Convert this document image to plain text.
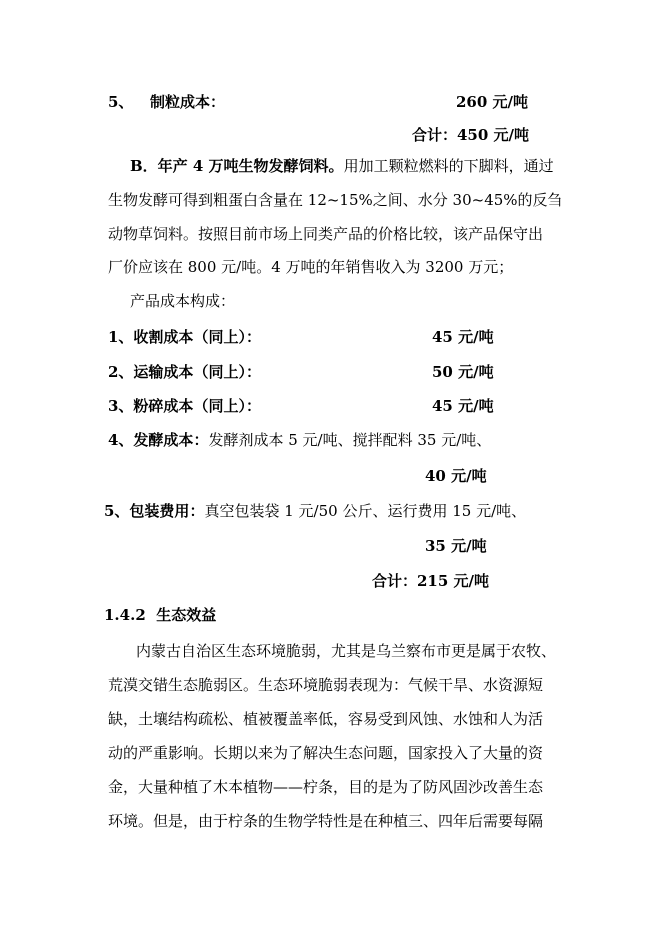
5、 制粒成本：	260 元/吨
合计：450 元/吨
B．年产 4 万吨生物发酵饲料。用加工颗粒燃料的下脚料，通过
生物发酵可得到粗蛋白含量在 12~15%之间、水分 30~45%的反刍
动物草饲料。按照目前市场上同类产品的价格比较，该产品保守出
厂价应该在 800 元/吨。4 万吨的年销售收入为 3200 万元；
产品成本构成：
1、收割成本（同上）：	45 元/吨
2、运输成本（同上）：	50 元/吨
3、粉碎成本（同上）：	45 元/吨
4、发酵成本：发酵剂成本 5 元/吨、搅拌配料 35 元/吨、
40 元/吨
5、包装费用：真空包装袋 1 元/50 公斤、运行费用 15 元/吨、
35 元/吨
合计：215 元/吨
1.4.2 生态效益
内蒙古自治区生态环境脆弱，尤其是乌兰察布市更是属于农牧、
荒漠交错生态脆弱区。生态环境脆弱表现为：气候干旱、水资源短
缺，土壤结构疏松、植被覆盖率低，容易受到风蚀、水蚀和人为活
动的严重影响。长期以来为了解决生态问题，国家投入了大量的资
金，大量种植了木本植物——柠条，目的是为了防风固沙改善生态
环境。但是，由于柠条的生物学特性是在种植三、四年后需要每隔
